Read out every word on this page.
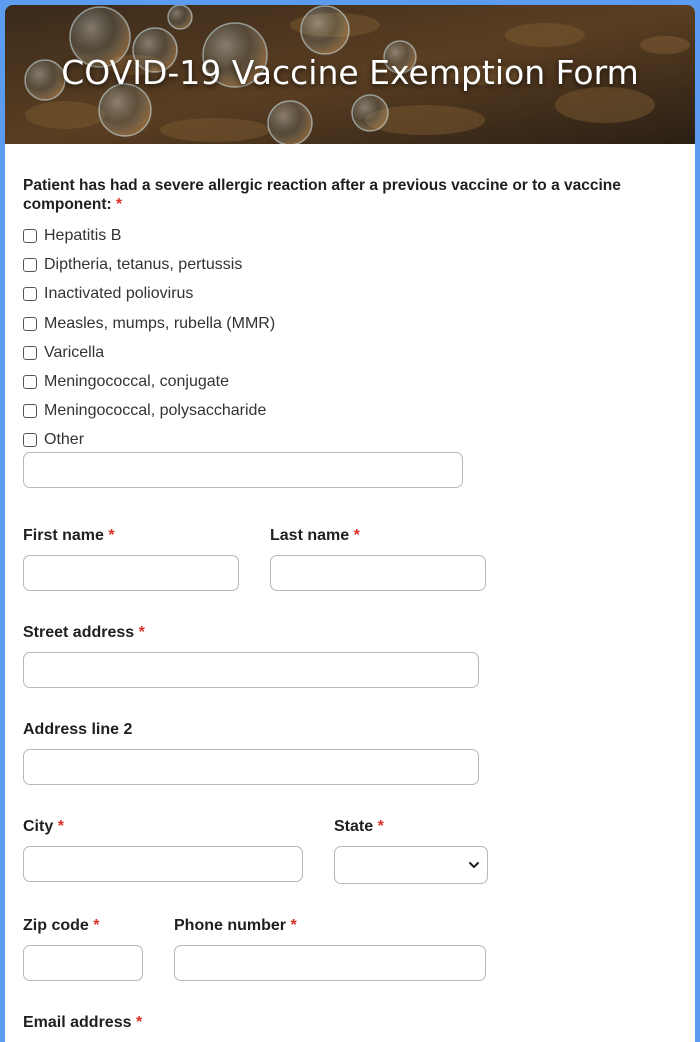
COVID-19 Vaccine Exemption Form
Patient has had a severe allergic reaction after a previous vaccine or to a vaccine component: *
Hepatitis B
Diptheria, tetanus, pertussis
Inactivated poliovirus
Measles, mumps, rubella (MMR)
Varicella
Meningococcal, conjugate
Meningococcal, polysaccharide
Other
First name *	Last name *
Street address *
Address line 2
City *	State *
Zip code *	Phone number *
Email address *
